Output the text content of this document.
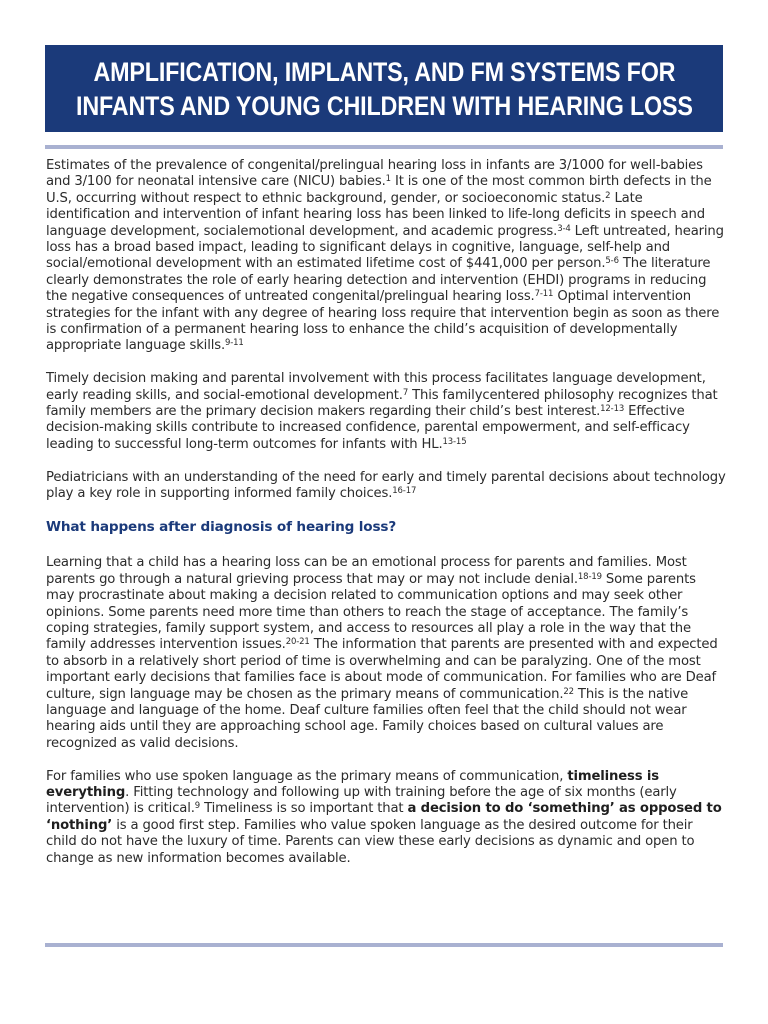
AMPLIFICATION, IMPLANTS, AND FM SYSTEMS FOR
INFANTS AND YOUNG CHILDREN WITH HEARING LOSS

Estimates of the prevalence of congenital/prelingual hearing loss in infants are 3/1000 for well-babies and 3/100 for neonatal intensive care (NICU) babies.$^1$ It is one of the most common birth defects in the U.S, occurring without respect to ethnic background, gender, or socioeconomic status.$^2$ Late identification and intervention of infant hearing loss has been linked to life-long deficits in speech and language development, socialemotional development, and academic progress.$^{3-4}$ Left untreated, hearing loss has a broad based impact, leading to significant delays in cognitive, language, self-help and social/emotional development with an estimated lifetime cost of $441,000 per person.$^{5-6}$ The literature clearly demonstrates the role of early hearing detection and intervention (EHDI) programs in reducing the negative consequences of untreated congenital/prelingual hearing loss.$^{7-11}$ Optimal intervention strategies for the infant with any degree of hearing loss require that intervention begin as soon as there is confirmation of a permanent hearing loss to enhance the child’s acquisition of developmentally appropriate language skills.$^{9-11}$

Timely decision making and parental involvement with this process facilitates language development, early reading skills, and social-emotional development.$^7$ This familycentered philosophy recognizes that family members are the primary decision makers regarding their child’s best interest.$^{12-13}$ Effective decision-making skills contribute to increased confidence, parental empowerment, and self-efficacy leading to successful long-term outcomes for infants with HL.$^{13-15}$

Pediatricians with an understanding of the need for early and timely parental decisions about technology play a key role in supporting informed family choices.$^{16-17}$

What happens after diagnosis of hearing loss?

Learning that a child has a hearing loss can be an emotional process for parents and families. Most parents go through a natural grieving process that may or may not include denial.$^{18-19}$ Some parents may procrastinate about making a decision related to communication options and may seek other opinions. Some parents need more time than others to reach the stage of acceptance. The family’s coping strategies, family support system, and access to resources all play a role in the way that the family addresses intervention issues.$^{20-21}$ The information that parents are presented with and expected to absorb in a relatively short period of time is overwhelming and can be paralyzing. One of the most important early decisions that families face is about mode of communication. For families who are Deaf culture, sign language may be chosen as the primary means of communication.$^{22}$ This is the native language and language of the home. Deaf culture families often feel that the child should not wear hearing aids until they are approaching school age. Family choices based on cultural values are recognized as valid decisions.

For families who use spoken language as the primary means of communication, timeliness is everything. Fitting technology and following up with training before the age of six months (early intervention) is critical.$^9$ Timeliness is so important that a decision to do ‘something’ as opposed to ‘nothing’ is a good first step. Families who value spoken language as the desired outcome for their child do not have the luxury of time. Parents can view these early decisions as dynamic and open to change as new information becomes available.
